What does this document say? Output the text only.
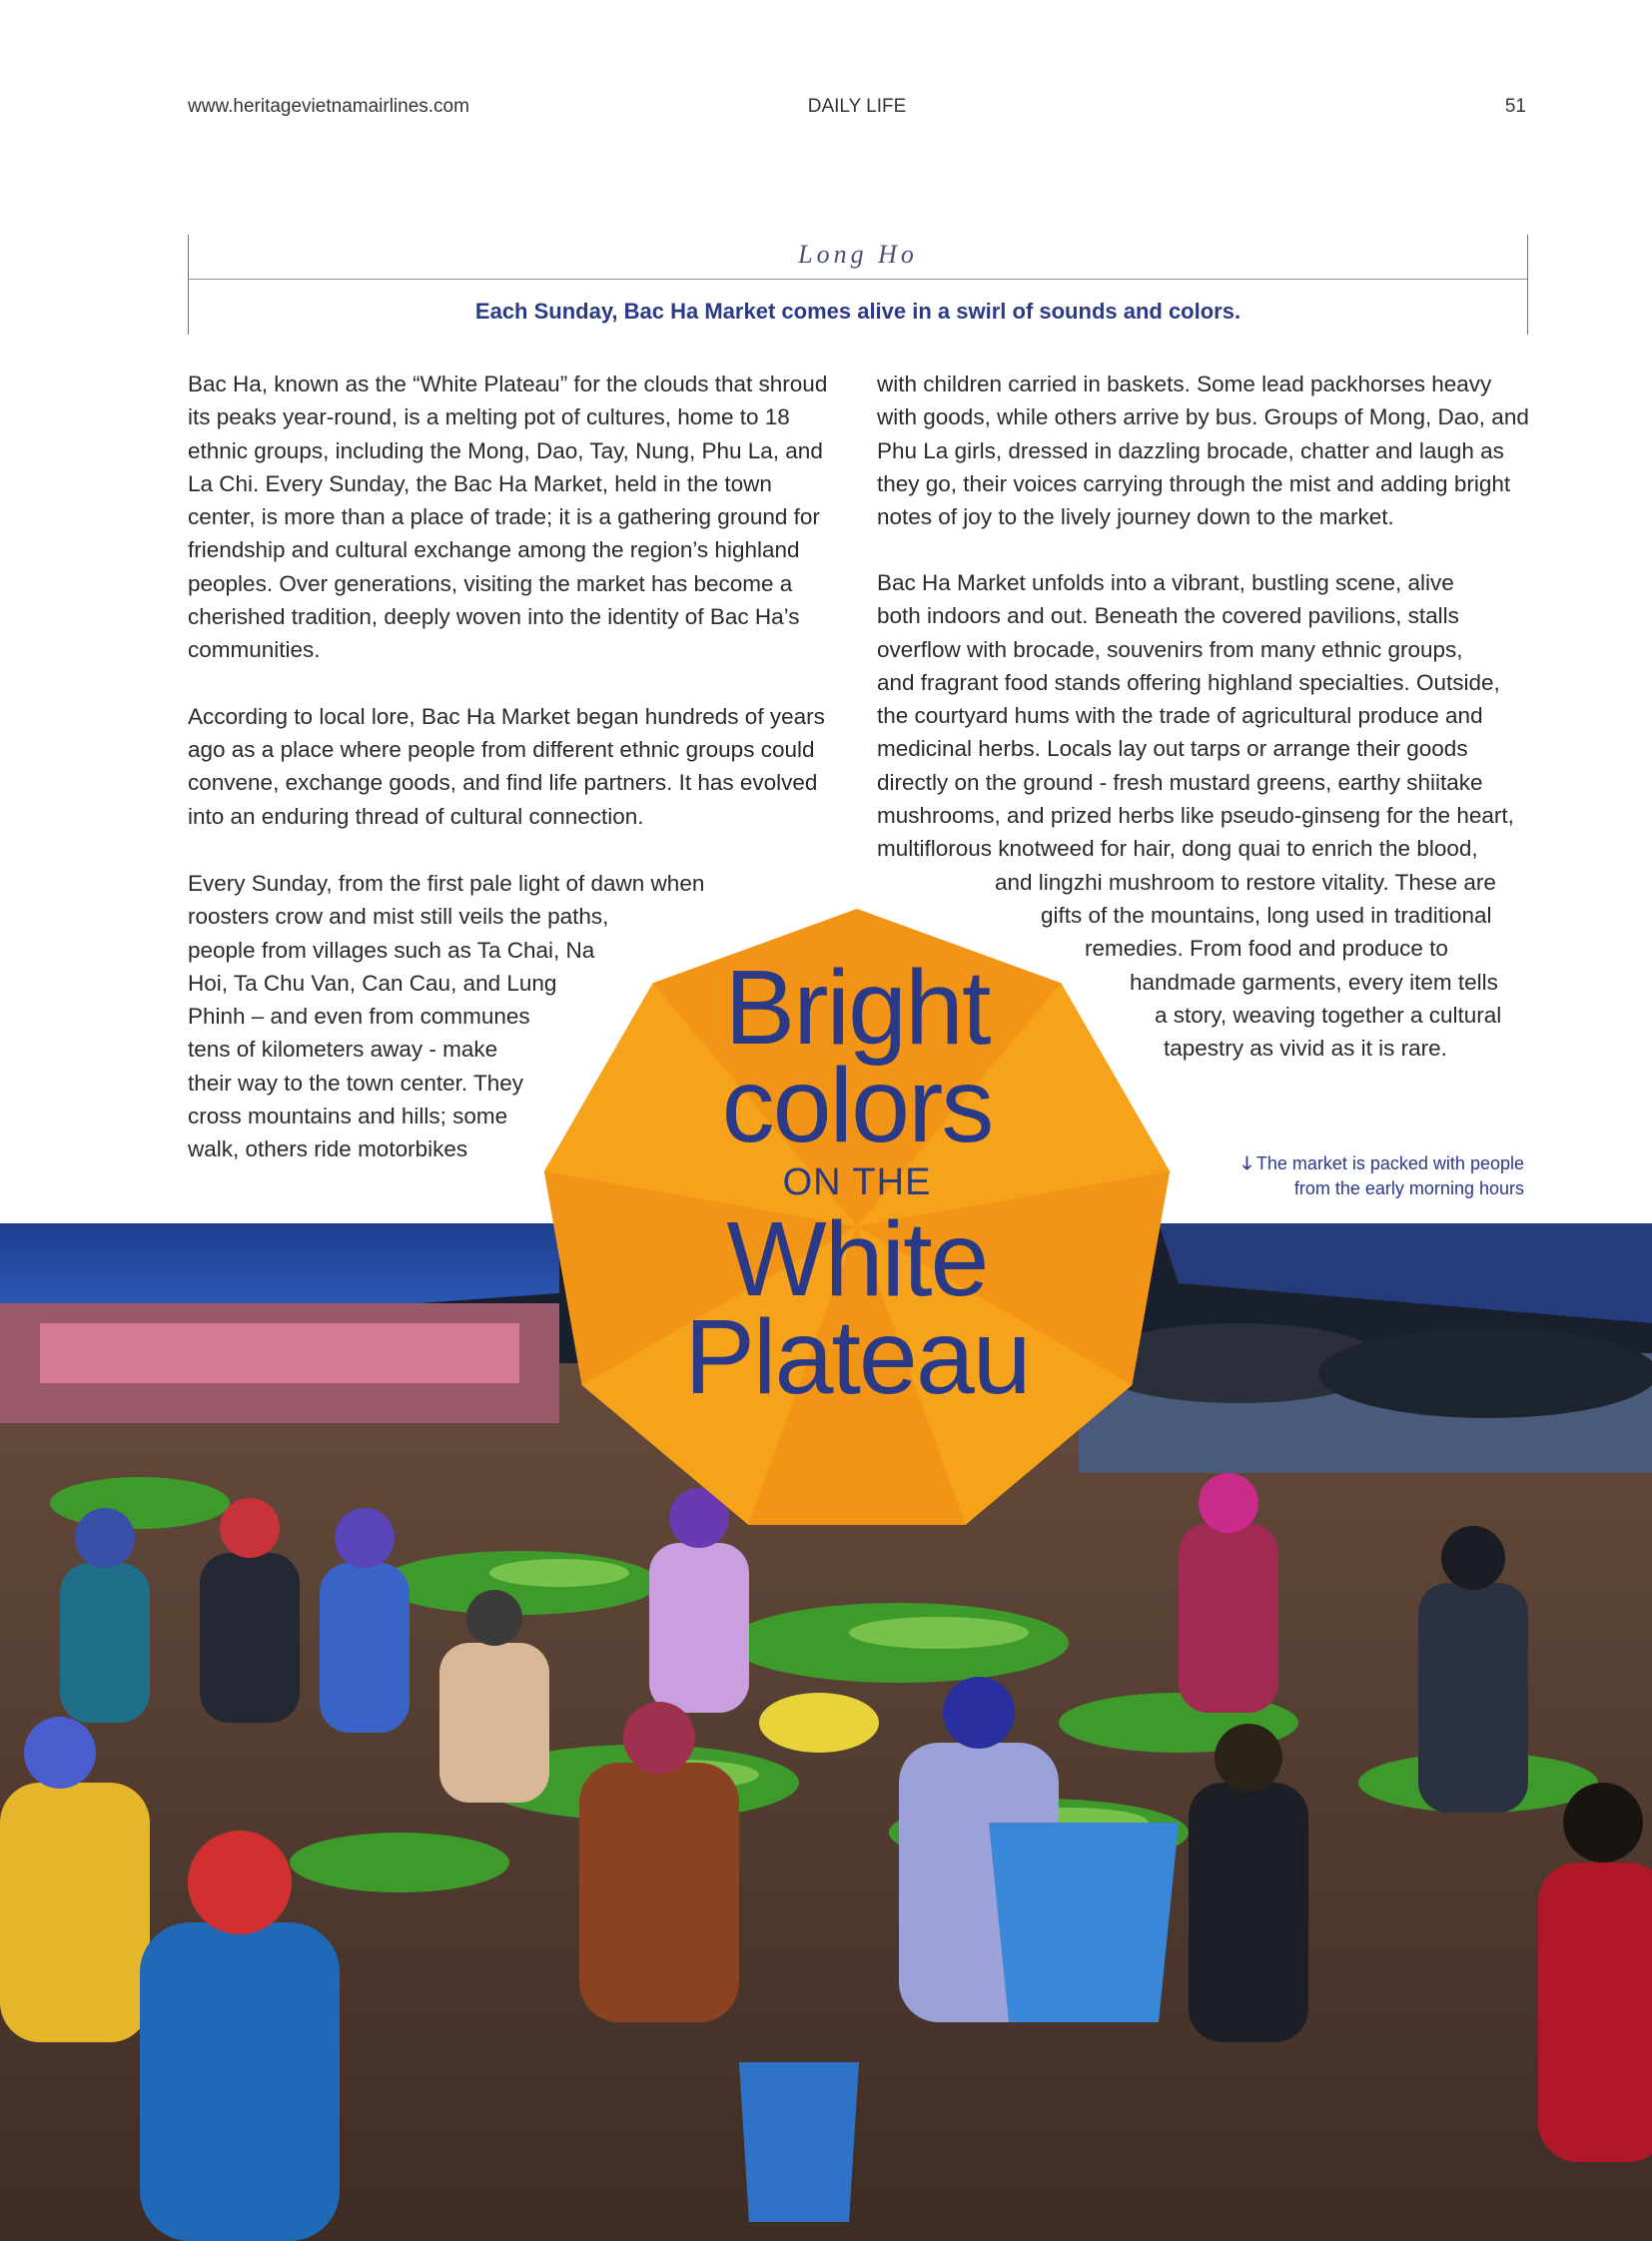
www.heritagevietnamairlines.com	DAILY LIFE	51
Long Ho
Each Sunday, Bac Ha Market comes alive in a swirl of sounds and colors.

Bac Ha, known as the “White Plateau” for the clouds that shroud its peaks year-round, is a melting pot of cultures, home to 18 ethnic groups, including the Mong, Dao, Tay, Nung, Phu La, and La Chi. Every Sunday, the Bac Ha Market, held in the town center, is more than a place of trade; it is a gathering ground for friendship and cultural exchange among the region’s highland peoples. Over generations, visiting the market has become a cherished tradition, deeply woven into the identity of Bac Ha’s communities.

According to local lore, Bac Ha Market began hundreds of years ago as a place where people from different ethnic groups could convene, exchange goods, and find life partners. It has evolved into an enduring thread of cultural connection.

Every Sunday, from the first pale light of dawn when
roosters crow and mist still veils the paths,
people from villages such as Ta Chai, Na
Hoi, Ta Chu Van, Can Cau, and Lung
Phinh – and even from communes
tens of kilometers away - make
their way to the town center. They
cross mountains and hills; some
walk, others ride motorbikes

with children carried in baskets. Some lead packhorses heavy with goods, while others arrive by bus. Groups of Mong, Dao, and Phu La girls, dressed in dazzling brocade, chatter and laugh as they go, their voices carrying through the mist and adding bright notes of joy to the lively journey down to the market.

Bac Ha Market unfolds into a vibrant, bustling scene, alive
both indoors and out. Beneath the covered pavilions, stalls
overflow with brocade, souvenirs from many ethnic groups,
and fragrant food stands offering highland specialties. Outside,
the courtyard hums with the trade of agricultural produce and
medicinal herbs. Locals lay out tarps or arrange their goods
directly on the ground - fresh mustard greens, earthy shiitake
mushrooms, and prized herbs like pseudo-ginseng for the heart,
multiflorous knotweed for hair, dong quai to enrich the blood,
and lingzhi mushroom to restore vitality. These are
gifts of the mountains, long used in traditional
remedies. From food and produce to
handmade garments, every item tells
a story, weaving together a cultural
tapestry as vivid as it is rare.
🡓 The market is packed with people
from the early morning hours
Bright
colors
ON THE
White
Plateau
